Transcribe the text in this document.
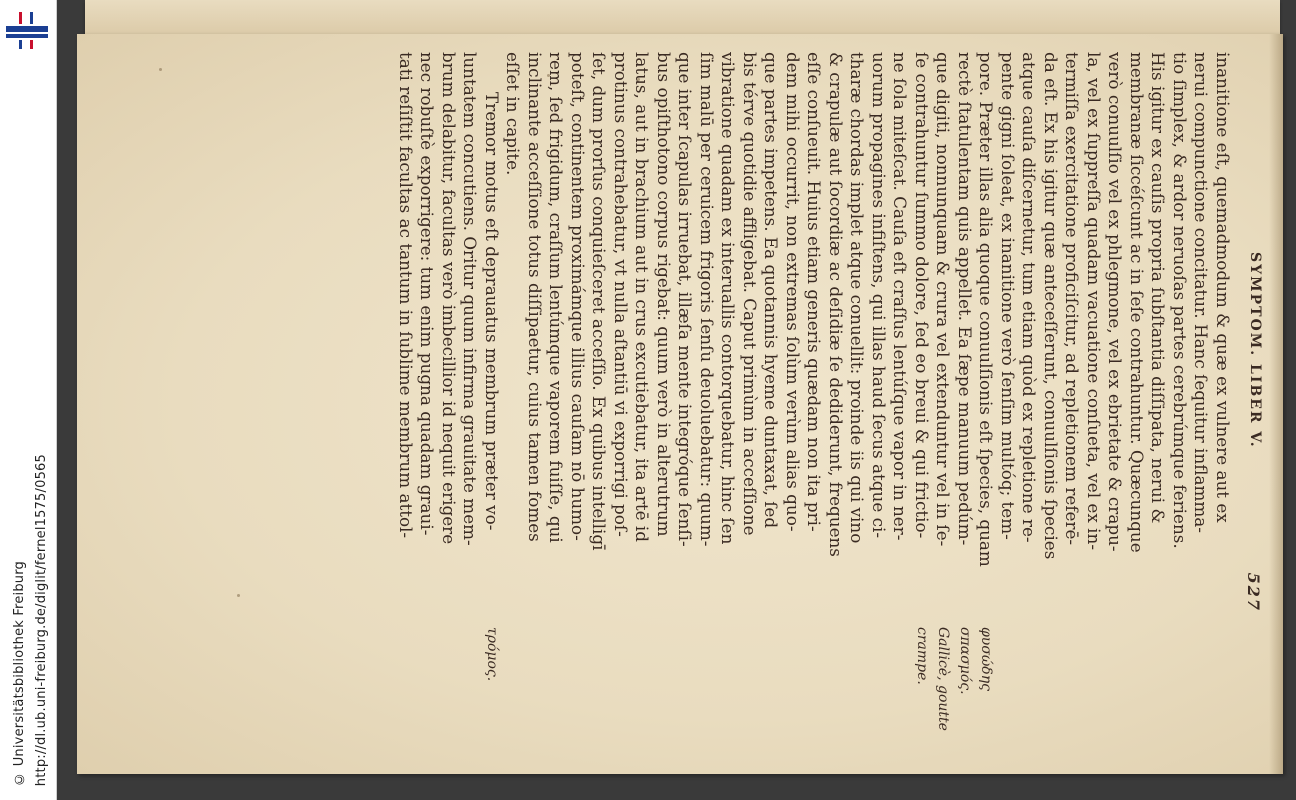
http://dl.ub.uni-freiburg.de/diglit/fernel1575/0565
© Universitätsbibliothek Freiburg
SYMPTOM. LIBER V.
527
inanitione eſt, quemadmodum & quæ ex vulnere aut ex
nerui compunctione concitatur. Hanc ſequitur inflamma-
tio ſimplex, & ardor neruoſas partes cerebrúmque feriens.
His igitur ex cauſis propria ſubſtantia diſſipata, nerui &
membranæ ſiccéſcunt ac in ſeſe contrahuntur. Quæcunque
verò conuulſio vel ex phlegmone, vel ex ebrietate & crapu-
la, vel ex ſuppreſſa quadam vacuatione conſueta, vel ex in-
termiſſa exercitatione proficiſcitur, ad repletionem referē-
da eſt. Ex his igitur quæ anteceſſerunt, conuulſionis ſpecies
atque cauſa diſcernetur, tum etiam quòd ex repletione re-
pente gigni ſoleat, ex inanitione verò ſenſim multóq; tem-
pore. Præter illas alia quoque conuulſionis eſt ſpecies, quam
rectè ſtatulentam quis appellet. Ea ſæpe manuum pedúm-
que digiti, nonnunquam & crura vel extenduntur vel in ſe-
ſe contrahuntur ſummo dolore, ſed eo breui & qui frictio-
ne ſola miteſcat. Cauſa eſt craſſus lentúſque vapor in ner-
uorum propagines infiſtens, qui illas haud ſecus atque ci-
tharæ chordas implet atque conuellit: proinde iis qui vino
& crapulæ aut ſocordiæ ac deſidiæ ſe dediderunt, frequens
eſſe conſueuit. Huius etiam generis quædam non ita pri-
dem mihi occurrit, non extremas ſolùm verùm alias quo-
que partes impetens. Ea quotannis hyeme duntaxat, ſed
bis térve quotidie affligebat. Caput primùm in acceſſione
vibratione quadam ex interuallis contorquebatur, hinc ſen
ſim malū per ceruicem frigoris ſenſu deuoluebatur: quum-
que inter ſcapulas irruebat, illæſa mente integróque ſenſi-
bus opiſthotono corpus rigebat: quum verò in alterutrum
latus, aut in brachium aut in crus excutiebatur, ita artē id
protinus contrahebatur, vt nulla aſtantiū vi exporrigi poſ-
ſet, dum prorſus conquieſceret acceſſio. Ex quibus intelligī
poteſt, continentem proximámque illius cauſam nō humo-
rem, ſed frigidum, craſſum lentúmque vaporem fuiſſe, qui
inclinante acceſſione totus diſſipaetur, cuius tamen fomes
eſſet in capite.
Tremor motus eſt deprauatus membrum præter vo-
luntatem concutiens. Oritur quum infirma grauitate mem-
brum delabitur, facultas verò imbecillior id nequit erigere
nec robuſtè exporrigere: tum enim pugna quadam graui-
tati reſiſtit facultas ac tantum in ſublime membrum attol-
φυσώδης
σπασμός.
Gallicè, goutte
crampe.
τρόμος.
